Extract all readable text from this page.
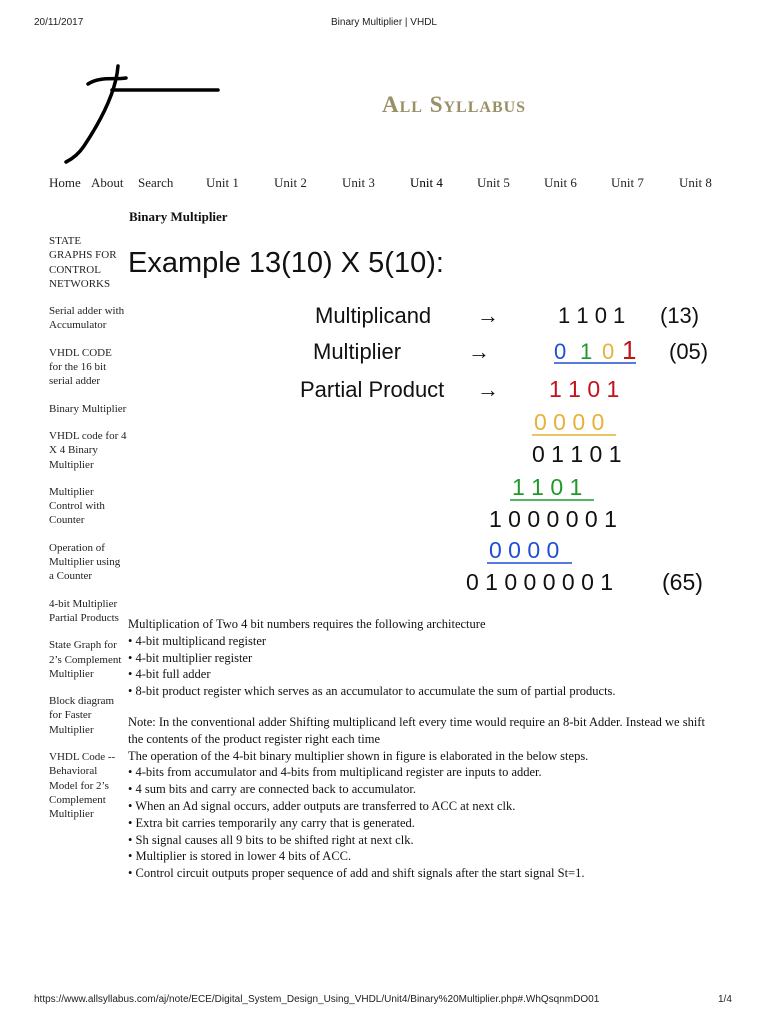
20/11/2017	Binary Multiplier | VHDL
All Syllabus
Home About Search	Unit 1	Unit 2	Unit 3	Unit 4	Unit 5	Unit 6	Unit 7	Unit 8
Binary Multiplier
STATE GRAPHS FOR CONTROL NETWORKS
Serial adder with Accumulator
VHDL CODE for the 16 bit serial adder
Binary Multiplier
VHDL code for 4 X 4 Binary Multiplier
Multiplier Control with Counter
Operation of Multiplier using a Counter
4-bit Multiplier Partial Products
State Graph for 2’s Complement Multiplier
Block diagram for Faster Multiplier
VHDL Code --Behavioral Model for 2’s Complement Multiplier
Example 13(10) X 5(10):
Multiplicand →	1 1 0 1 (13)
Multiplier	→	0 1 0 1 (05)
Partial Product → 1 1 0 1
0 0 0 0
0 1 1 0 1
1 1 0 1
1 0 0 0 0 0 1
0 0 0 0
0 1 0 0 0 0 0 1 (65)

Multiplication of Two 4 bit numbers requires the following architecture

• 4-bit multiplicand register

• 4-bit multiplier register

• 4-bit full adder

• 8-bit product register which serves as an accumulator to accumulate the sum of partial products.

Note: In the conventional adder Shifting multiplicand left every time would require an 8-bit Adder. Instead we shift the contents of the product register right each time

The operation of the 4-bit binary multiplier shown in figure is elaborated in the below steps.

• 4-bits from accumulator and 4-bits from multiplicand register are inputs to adder.

• 4 sum bits and carry are connected back to accumulator.

• When an Ad signal occurs, adder outputs are transferred to ACC at next clk.

• Extra bit carries temporarily any carry that is generated.

• Sh signal causes all 9 bits to be shifted right at next clk.

• Multiplier is stored in lower 4 bits of ACC.

• Control circuit outputs proper sequence of add and shift signals after the start signal St=1.

https://www.allsyllabus.com/aj/note/ECE/Digital_System_Design_Using_VHDL/Unit4/Binary%20Multiplier.php#.WhQsqnmDO01	1/4
